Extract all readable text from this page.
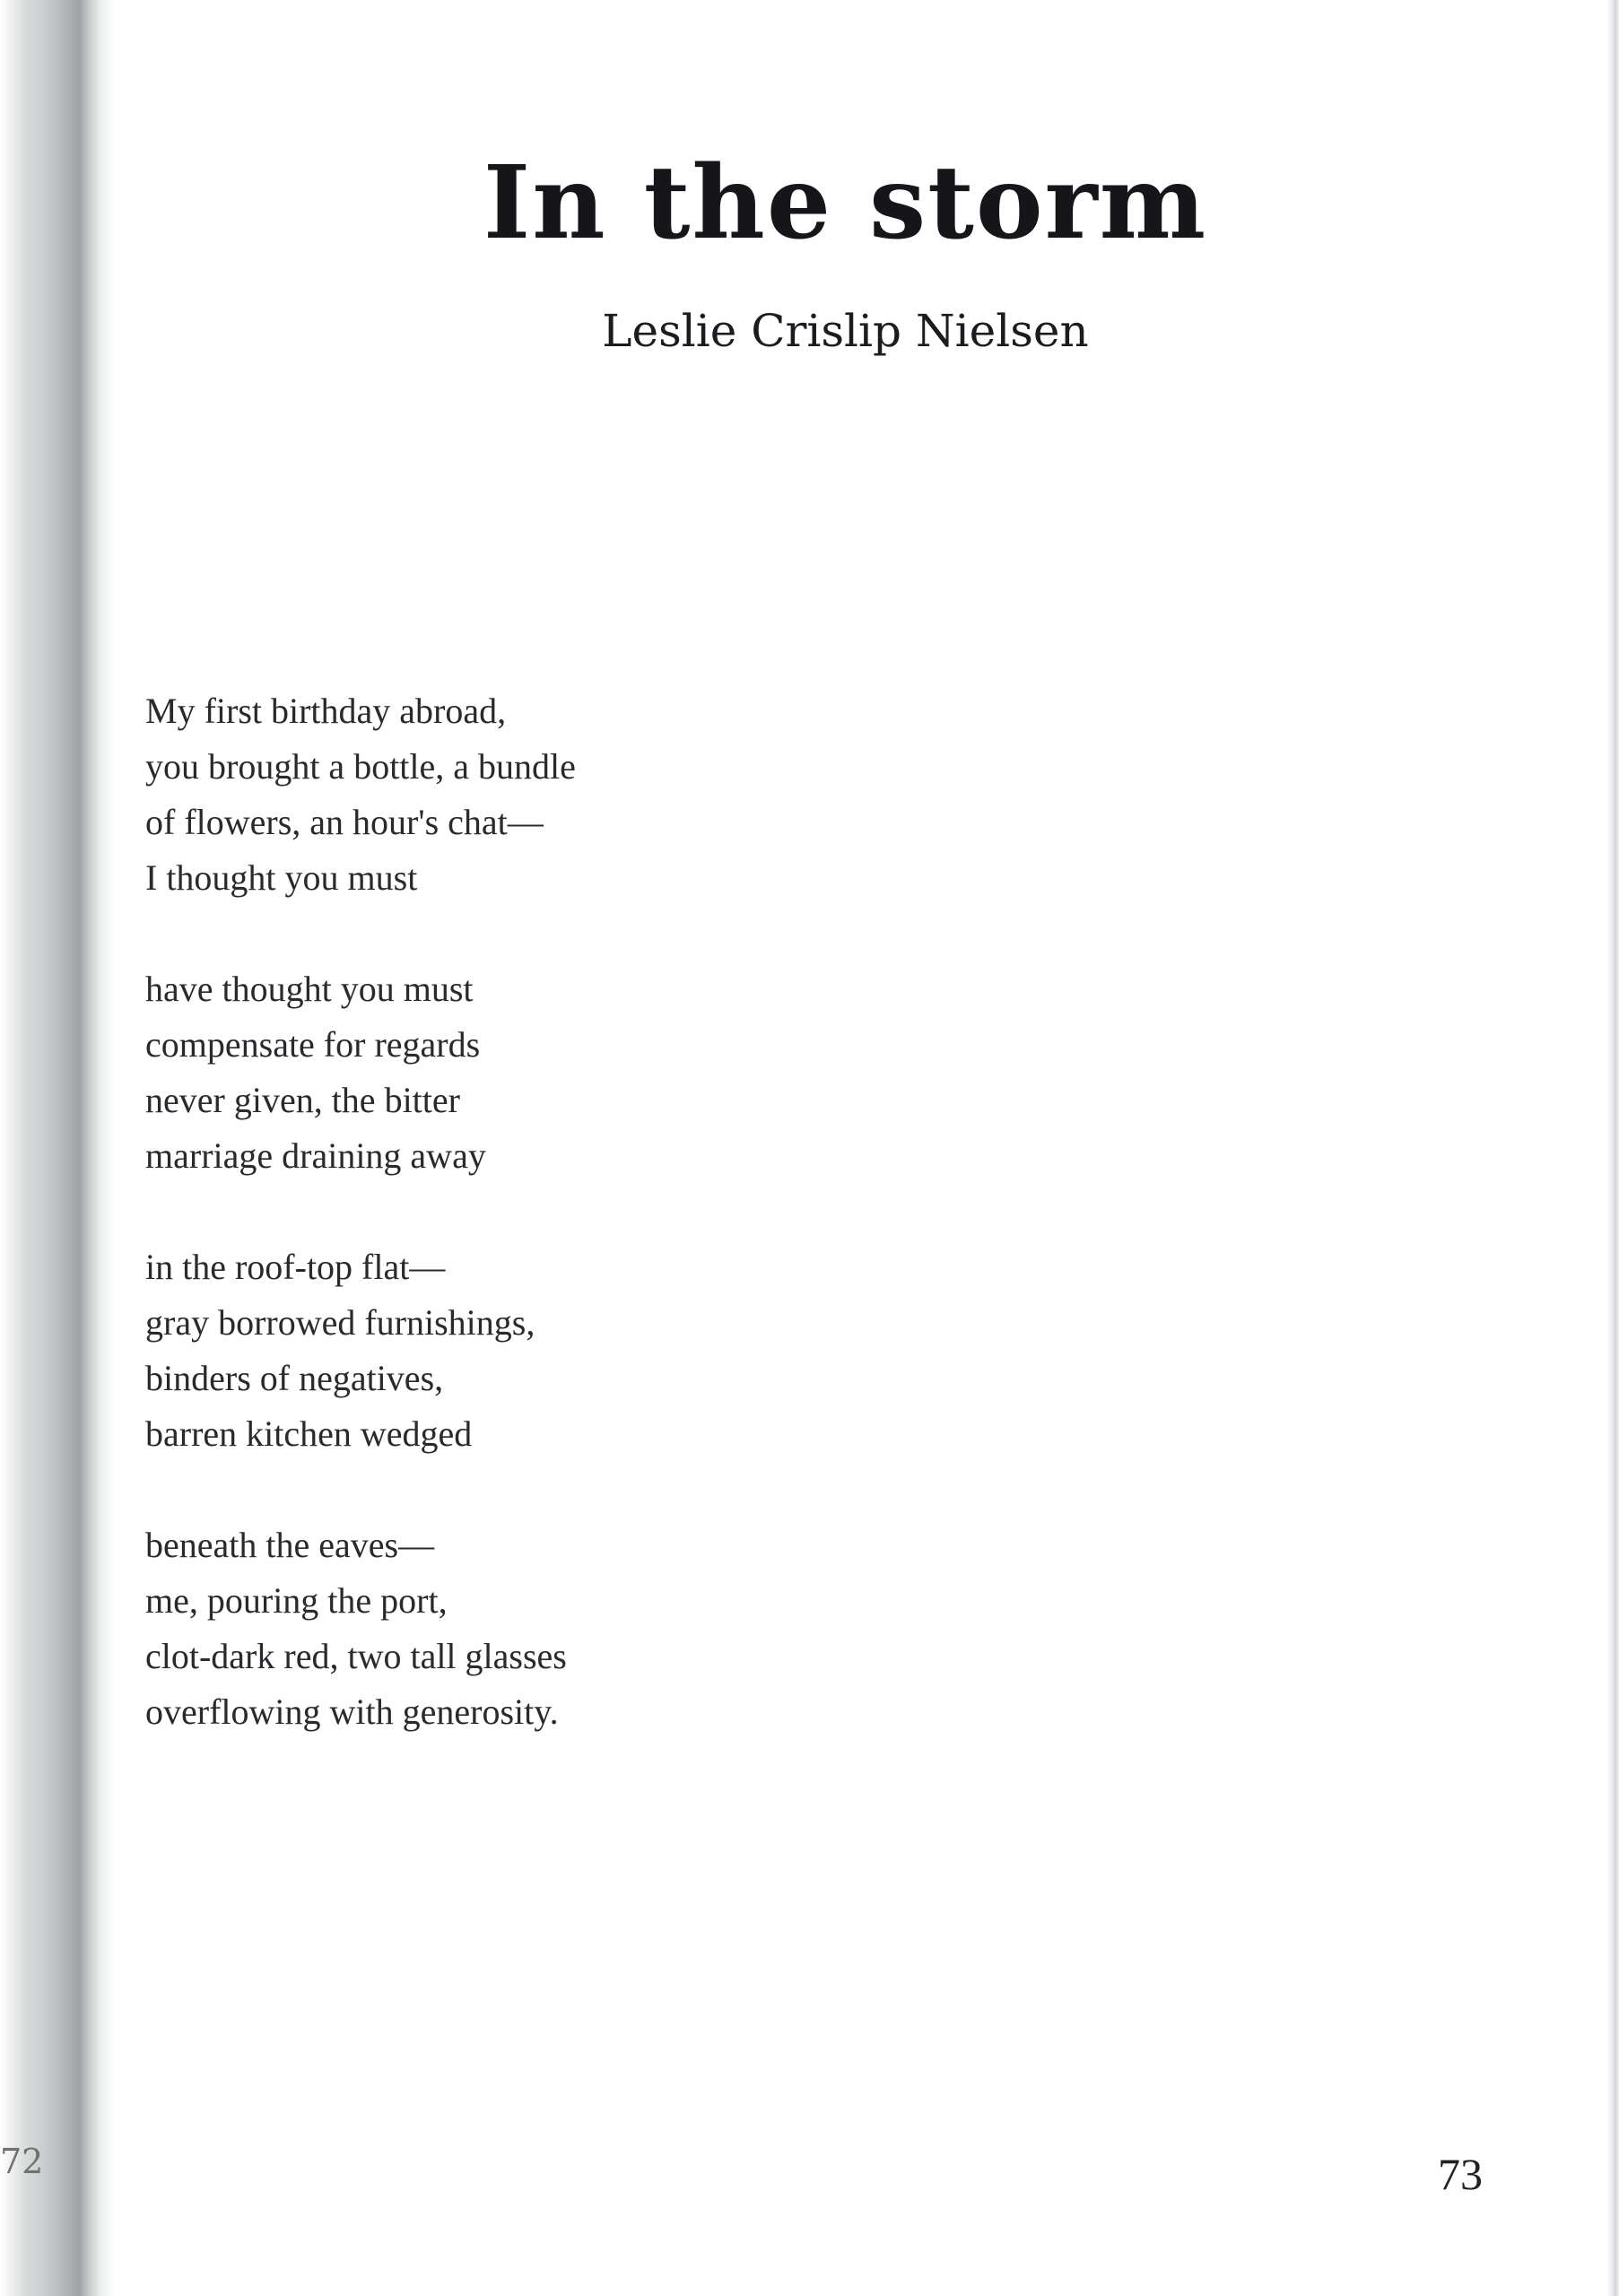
72
In the storm
Leslie Crislip Nielsen
My first birthday abroad,
you brought a bottle, a bundle
of flowers, an hour's chat—
I thought you must
have thought you must
compensate for regards
never given, the bitter
marriage draining away
in the roof-top flat—
gray borrowed furnishings,
binders of negatives,
barren kitchen wedged
beneath the eaves—
me, pouring the port,
clot-dark red, two tall glasses
overflowing with generosity.
73
